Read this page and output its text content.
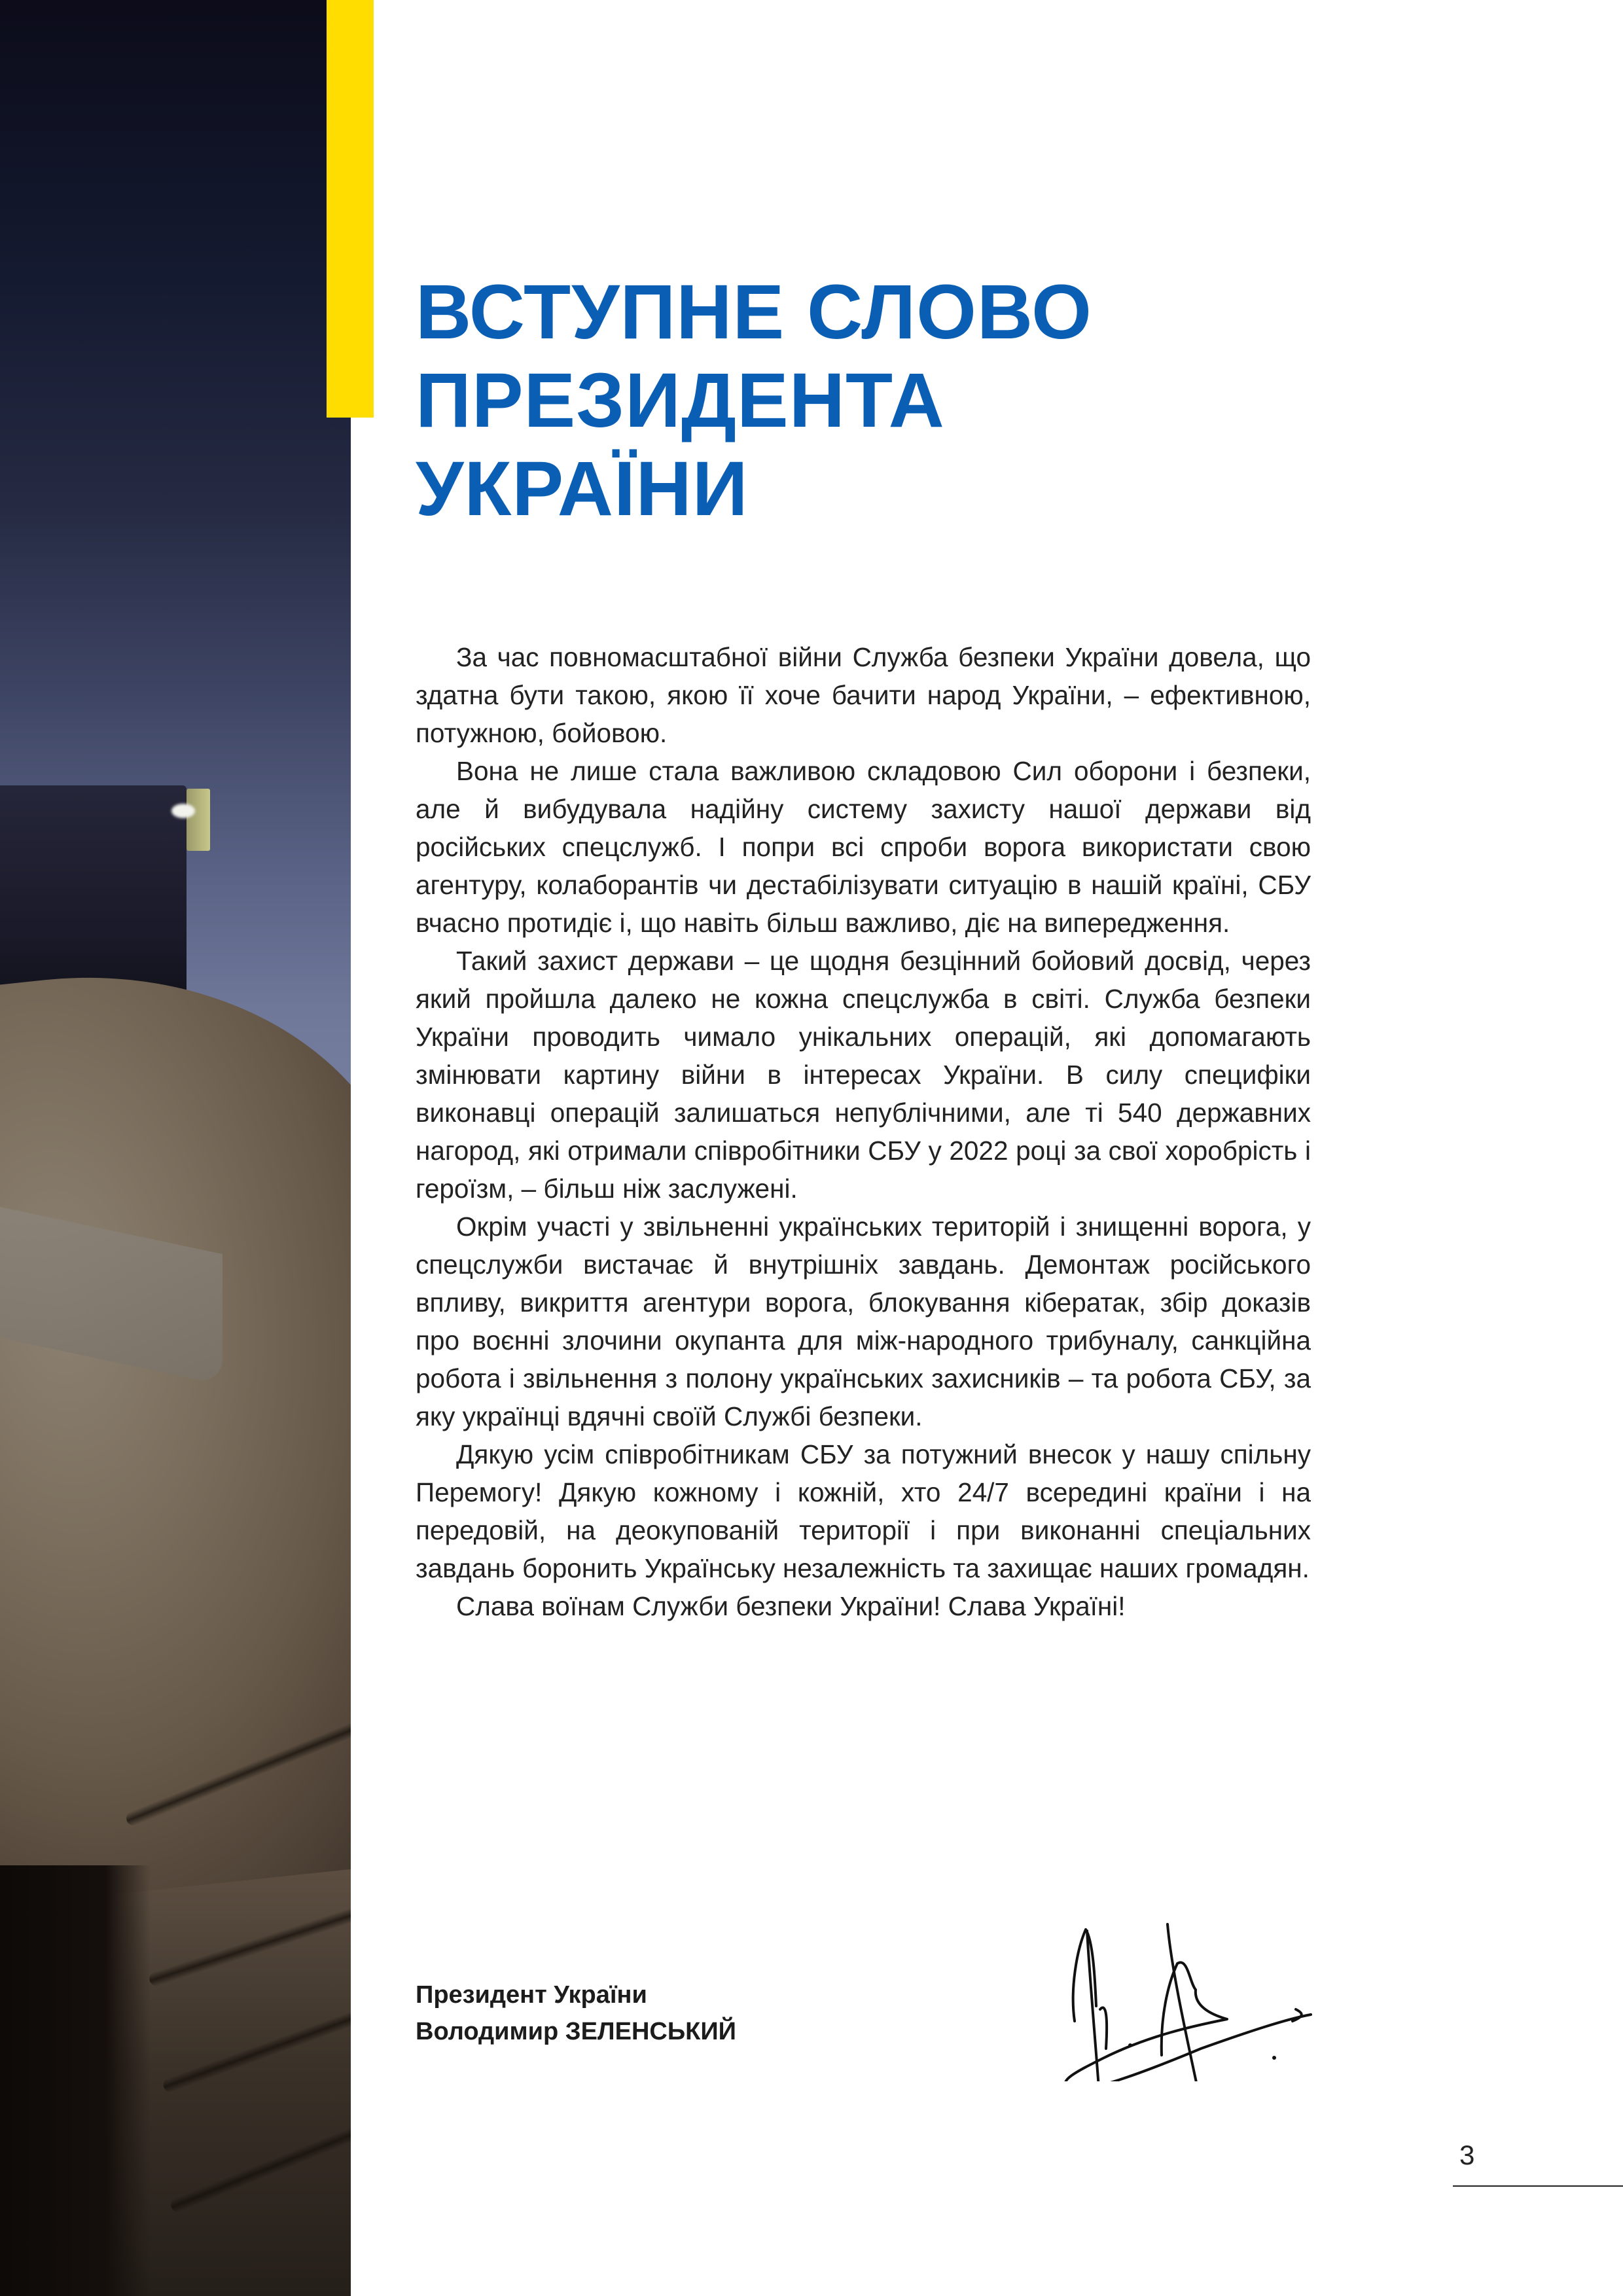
ВСТУПНЕ СЛОВО
ПРЕЗИДЕНТА
УКРАЇНИ

За час повномасштабної війни Служба безпеки України довела, що здатна бути такою, якою її хоче бачити народ України, – ефективною, потужною, бойовою.

Вона не лише стала важливою складовою Сил оборони і безпеки, але й вибудувала надійну систему захисту нашої держави від російських спецслужб. І попри всі спроби ворога використати свою агентуру, колаборантів чи дестабілізувати ситуацію в нашій країні, СБУ вчасно протидіє і, що навіть більш важливо, діє на випередження.

Такий захист держави – це щодня безцінний бойовий досвід, через який пройшла далеко не кожна спецслужба в світі. Служба безпеки України проводить чимало унікальних операцій, які допомагають змінювати картину війни в інтересах України. В силу специфіки виконавці операцій залишаться непублічними, але ті 540 державних нагород, які отримали співробітники СБУ у 2022 році за свої хоробрість і героїзм, – більш ніж заслужені.

Окрім участі у звільненні українських територій і знищенні ворога, у спецслужби вистачає й внутрішніх завдань. Демонтаж російського впливу, викриття агентури ворога, блокування кібератак, збір доказів про воєнні злочини окупанта для між-народного трибуналу, санкційна робота і звільнення з полону українських захисників – та робота СБУ, за яку українці вдячні своїй Службі безпеки.

Дякую усім співробітникам СБУ за потужний внесок у нашу спільну Перемогу! Дякую кожному і кожній, хто 24/7 всередині країни і на передовій, на деокупованій території і при виконанні спеціальних завдань боронить Українську незалежність та захищає наших громадян.

Слава воїнам Служби безпеки України! Слава Україні!

Президент України
Володимир ЗЕЛЕНСЬКИЙ
3
